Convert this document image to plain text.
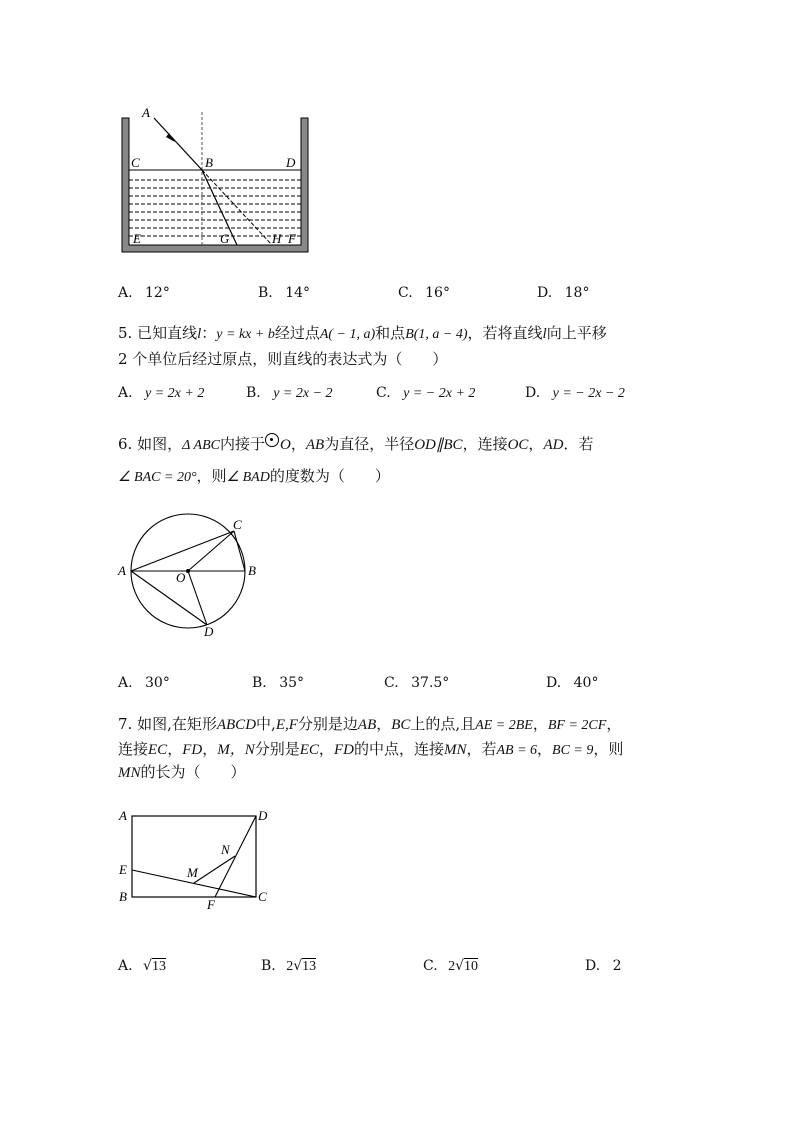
A
C	B	D
E	G	H F
A. 12°	B. 14°	C. 16°	D. 18°
5. 已知直线l：y = kx + b经过点A( − 1, a)和点B(1, a − 4)，若将直线l向上平移
2 个单位后经过原点，则直线的表达式为（　　）
A. y = 2x + 2	B. y = 2x − 2	C. y = − 2x + 2	D. y = − 2x − 2
6. 如图，Δ ABC内接于 O，AB为直径，半径OD∥BC，连接OC，AD．若
∠ BAC = 20°，则∠ BAD的度数为（　　）
A	B
C
D
O
A. 30°	B. 35°	C. 37.5°	D. 40°
7. 如图,在矩形ABCD中,E,F分别是边AB，BC上的点,且AE = 2BE，BF = 2CF，
连接EC，FD，M，N分别是EC，FD的中点，连接MN，若AB = 6，BC = 9，则
MN的长为（　　）
A	D
E
B	C
F
M
N
A. √13	B. 2√13	C. 2√10	D. 2
